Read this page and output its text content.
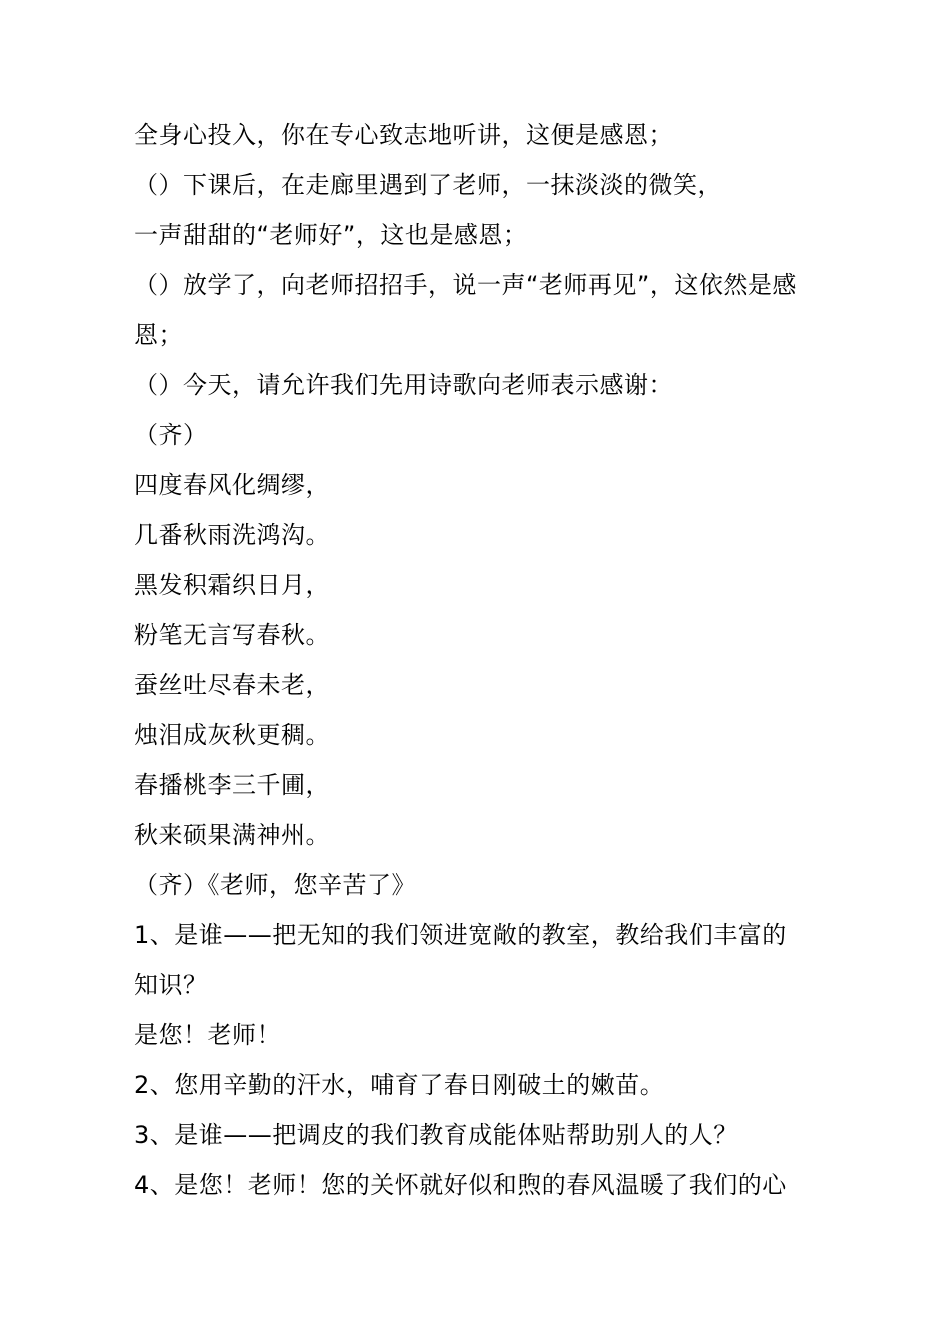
全身心投入，你在专心致志地听讲，这便是感恩；
（）下课后，在走廊里遇到了老师，一抹淡淡的微笑，
一声甜甜的“老师好”，这也是感恩；
（）放学了，向老师招招手，说一声“老师再见”，这依然是感
恩；
（）今天，请允许我们先用诗歌向老师表示感谢：
（齐）
四度春风化绸缪，
几番秋雨洗鸿沟。
黑发积霜织日月，
粉笔无言写春秋。
蚕丝吐尽春未老，
烛泪成灰秋更稠。
春播桃李三千圃，
秋来硕果满神州。
（齐）《老师，您辛苦了》
1、是谁——把无知的我们领进宽敞的教室，教给我们丰富的
知识？
是您！老师！
2、您用辛勤的汗水，哺育了春日刚破土的嫩苗。
3、是谁——把调皮的我们教育成能体贴帮助别人的人？
4、是您！老师！您的关怀就好似和煦的春风温暖了我们的心
